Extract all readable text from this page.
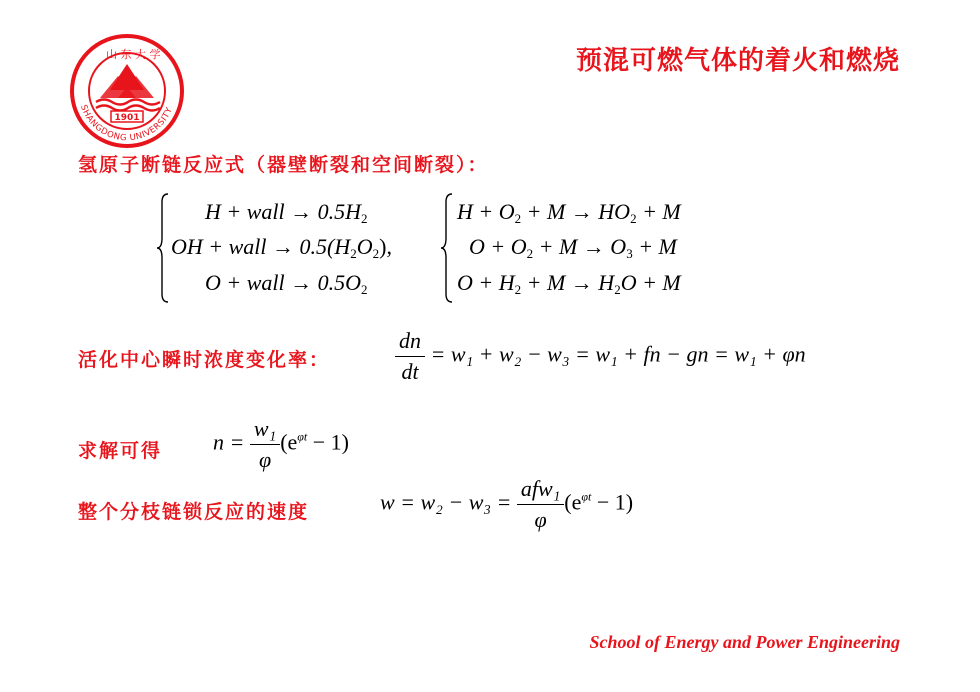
山 东 大 学
1901
SHANGDONG UNIVERSITY
预混可燃气体的着火和燃烧
氢原子断链反应式（器壁断裂和空间断裂）：
H + wall → $0.5H_2$
OH + wall → $0.5(H_2O_2)$,
O + wall → $0.5O_2$
$H + O_2 + M \to HO_2 + M$
$O + O_2 + M \to O_3 + M$
$O + H_2 + M \to H_2O + M$
活化中心瞬时浓度变化率：	$\frac{dn}{dt} = w_1 + w_2 - w_3 = w_1$ + fn − gn = w₁ + φn
求解可得 $n = \frac{\text{w₁}}{\varphi} (e^{\varphi t} - 1)$
整个分枝链锁反应的速度	$w = w_2 - w_3 = \frac{\text{afw₁}}{\varphi} (e^{\varphi t} - 1)$
School of Energy and Power Engineering
